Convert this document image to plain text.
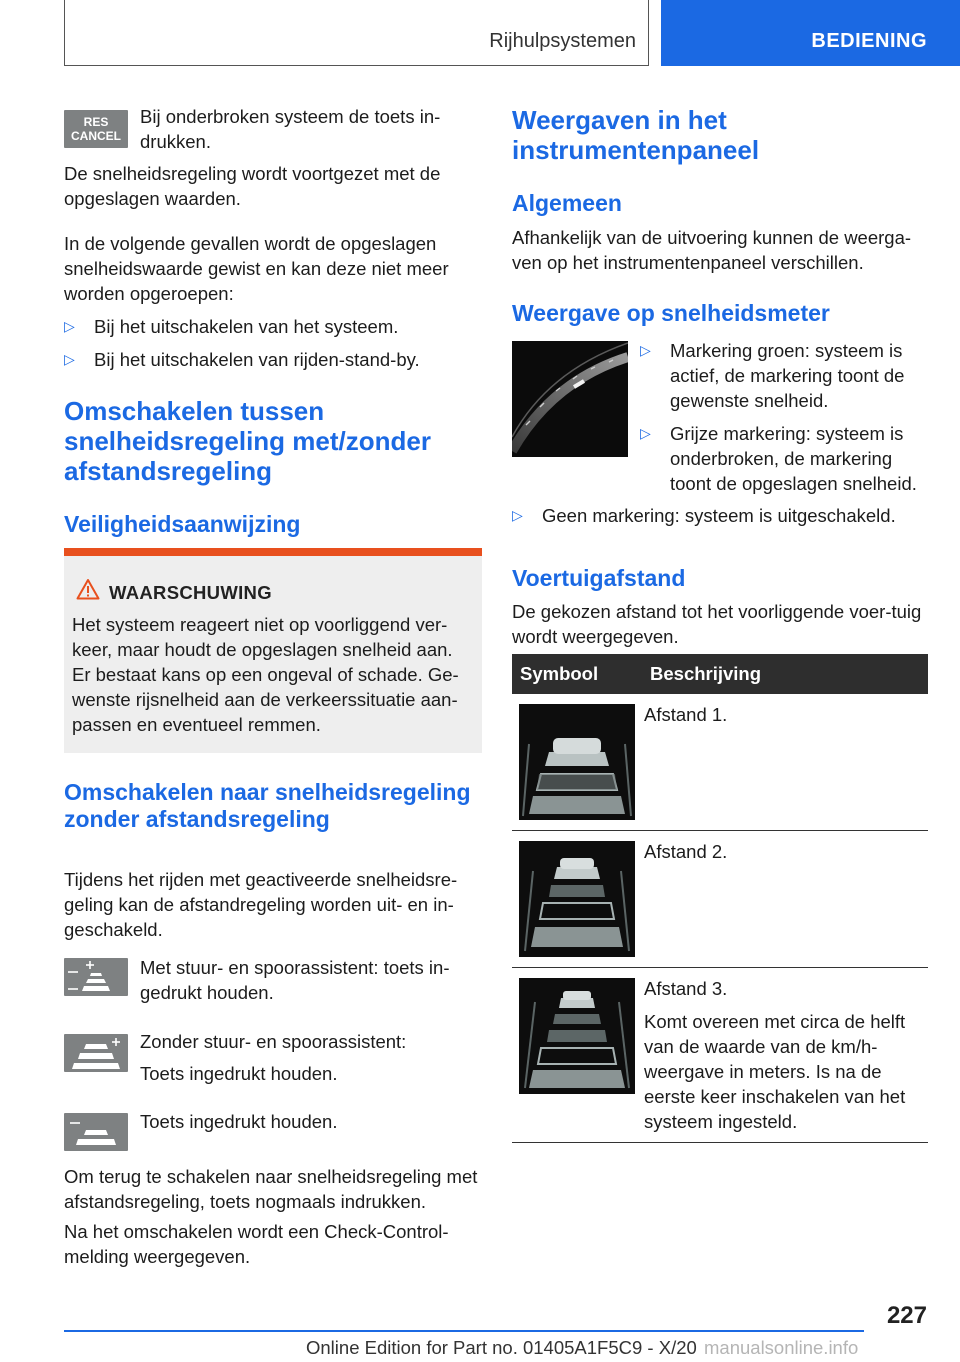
Rijhulpsystemen	BEDIENING
RES
CANCEL

Bij onderbroken systeem de toets in-drukken.

De snelheidsregeling wordt voortgezet met de opgeslagen waarden.

In de volgende gevallen wordt de opgeslagen snelheidswaarde gewist en kan deze niet meer worden opgeroepen:

▷ Bij het uitschakelen van het systeem.
▷ Bij het uitschakelen van rijden-stand-by.
Omschakelen tussen snelheidsregeling met/zonder afstandsregeling
Veiligheidsaanwijzing
WAARSCHUWING
Het systeem reageert niet op voorliggend ver-keer, maar houdt de opgeslagen snelheid aan. Er bestaat kans op een ongeval of schade. Ge-wenste rijsnelheid aan de verkeerssituatie aan-passen en eventueel remmen.
Omschakelen naar snelheidsregeling zonder afstandsregeling

Tijdens het rijden met geactiveerde snelheidsre-geling kan de afstandregeling worden uit- en in-geschakeld.

Met stuur- en spoorassistent: toets in-gedrukt houden.

Zonder stuur- en spoorassistent:

Toets ingedrukt houden.

Toets ingedrukt houden.

Om terug te schakelen naar snelheidsregeling met afstandsregeling, toets nogmaals indrukken.

Na het omschakelen wordt een Check-Control-melding weergegeven.

Weergaven in het instrumentenpaneel
Algemeen

Afhankelijk van de uitvoering kunnen de weerga-ven op het instrumentenpaneel verschillen.

Weergave op snelheidsmeter
▷ Markering groen: systeem is actief, de markering toont de gewenste snelheid.
▷ Grijze markering: systeem is onderbroken, de markering toont de opgeslagen snelheid.
▷ Geen markering: systeem is uitgeschakeld.
Voertuigafstand

De gekozen afstand tot het voorliggende voer-tuig wordt weergegeven.

Symbool	Beschrijving

Afstand 1.

Afstand 2.

Afstand 3.

Komt overeen met circa de helft van de waarde van de km/h-weergave in meters. Is na de eerste keer inschakelen van het systeem ingesteld.

227
Online Edition for Part no. 01405A1F5C9 - X/20 manualsonline.info
